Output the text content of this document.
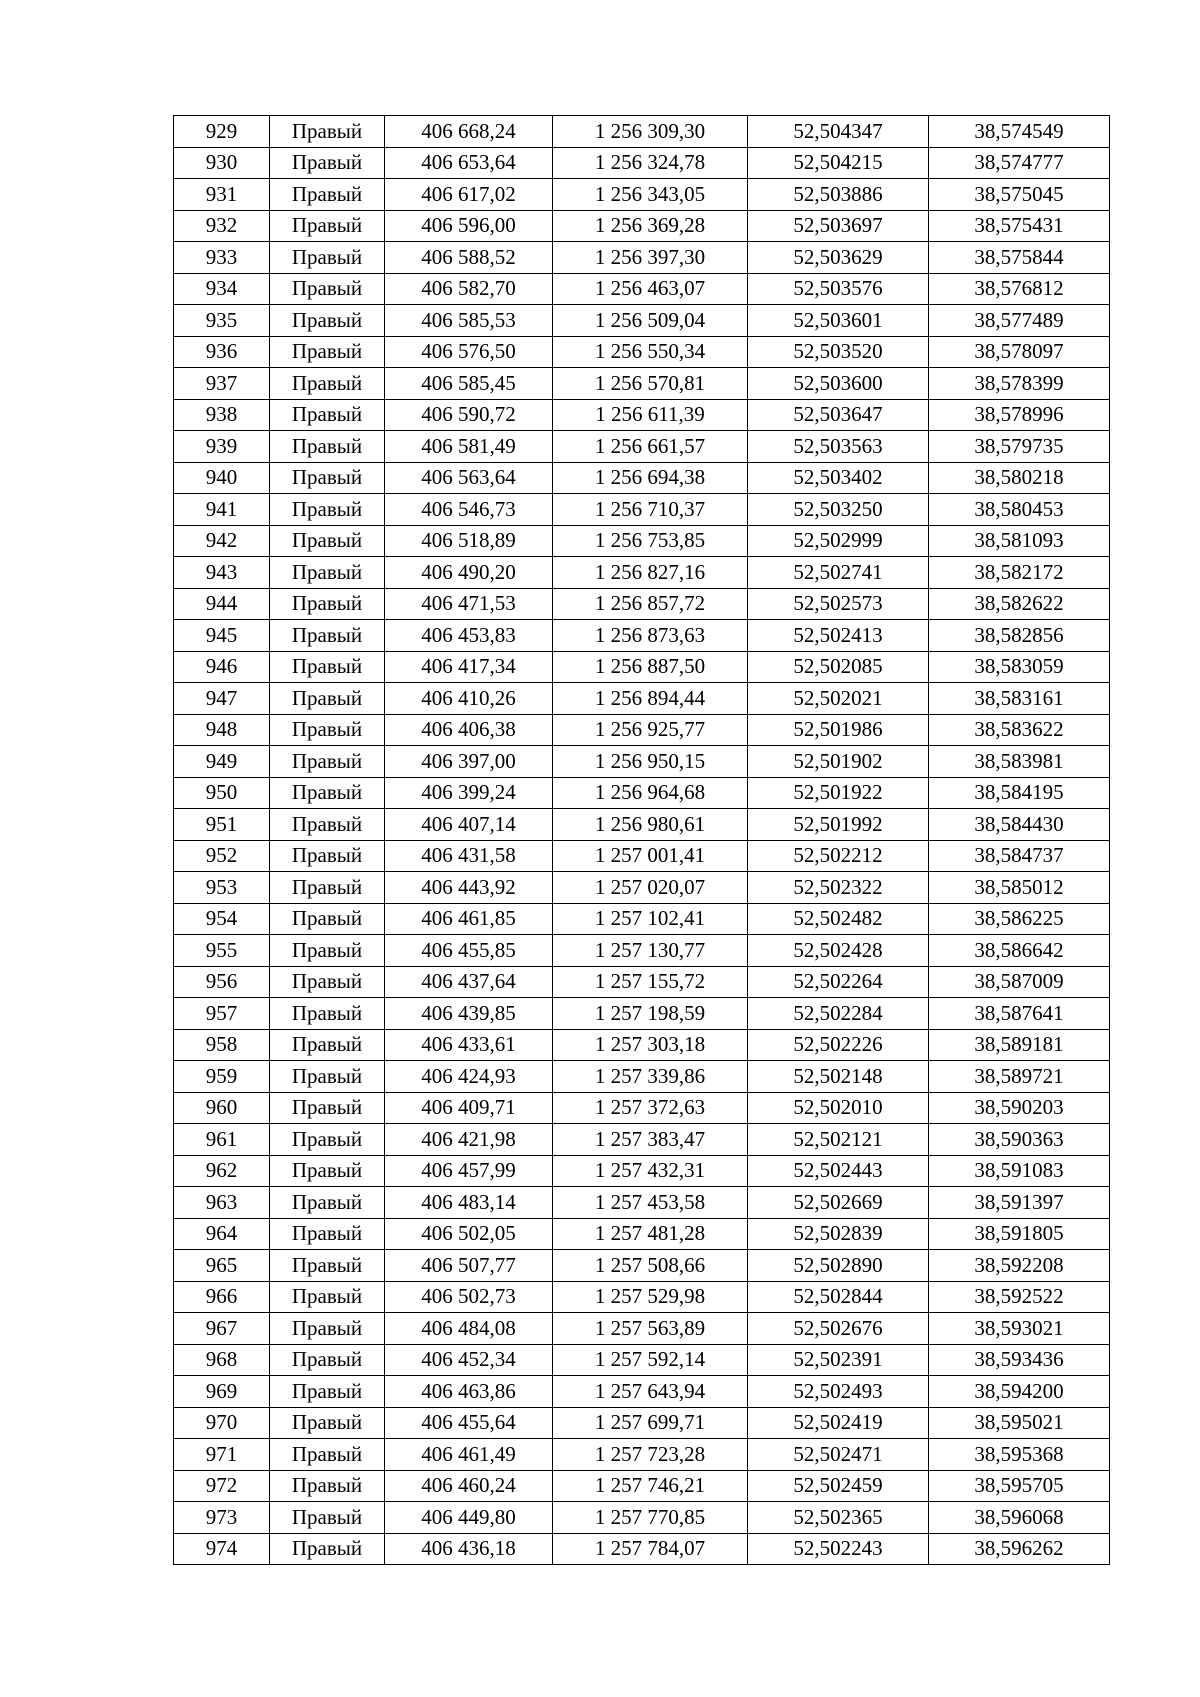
929	Правый	406 668,24	1 256 309,30	52,504347	38,574549
930	Правый	406 653,64	1 256 324,78	52,504215	38,574777
931	Правый	406 617,02	1 256 343,05	52,503886	38,575045
932	Правый	406 596,00	1 256 369,28	52,503697	38,575431
933	Правый	406 588,52	1 256 397,30	52,503629	38,575844
934	Правый	406 582,70	1 256 463,07	52,503576	38,576812
935	Правый	406 585,53	1 256 509,04	52,503601	38,577489
936	Правый	406 576,50	1 256 550,34	52,503520	38,578097
937	Правый	406 585,45	1 256 570,81	52,503600	38,578399
938	Правый	406 590,72	1 256 611,39	52,503647	38,578996
939	Правый	406 581,49	1 256 661,57	52,503563	38,579735
940	Правый	406 563,64	1 256 694,38	52,503402	38,580218
941	Правый	406 546,73	1 256 710,37	52,503250	38,580453
942	Правый	406 518,89	1 256 753,85	52,502999	38,581093
943	Правый	406 490,20	1 256 827,16	52,502741	38,582172
944	Правый	406 471,53	1 256 857,72	52,502573	38,582622
945	Правый	406 453,83	1 256 873,63	52,502413	38,582856
946	Правый	406 417,34	1 256 887,50	52,502085	38,583059
947	Правый	406 410,26	1 256 894,44	52,502021	38,583161
948	Правый	406 406,38	1 256 925,77	52,501986	38,583622
949	Правый	406 397,00	1 256 950,15	52,501902	38,583981
950	Правый	406 399,24	1 256 964,68	52,501922	38,584195
951	Правый	406 407,14	1 256 980,61	52,501992	38,584430
952	Правый	406 431,58	1 257 001,41	52,502212	38,584737
953	Правый	406 443,92	1 257 020,07	52,502322	38,585012
954	Правый	406 461,85	1 257 102,41	52,502482	38,586225
955	Правый	406 455,85	1 257 130,77	52,502428	38,586642
956	Правый	406 437,64	1 257 155,72	52,502264	38,587009
957	Правый	406 439,85	1 257 198,59	52,502284	38,587641
958	Правый	406 433,61	1 257 303,18	52,502226	38,589181
959	Правый	406 424,93	1 257 339,86	52,502148	38,589721
960	Правый	406 409,71	1 257 372,63	52,502010	38,590203
961	Правый	406 421,98	1 257 383,47	52,502121	38,590363
962	Правый	406 457,99	1 257 432,31	52,502443	38,591083
963	Правый	406 483,14	1 257 453,58	52,502669	38,591397
964	Правый	406 502,05	1 257 481,28	52,502839	38,591805
965	Правый	406 507,77	1 257 508,66	52,502890	38,592208
966	Правый	406 502,73	1 257 529,98	52,502844	38,592522
967	Правый	406 484,08	1 257 563,89	52,502676	38,593021
968	Правый	406 452,34	1 257 592,14	52,502391	38,593436
969	Правый	406 463,86	1 257 643,94	52,502493	38,594200
970	Правый	406 455,64	1 257 699,71	52,502419	38,595021
971	Правый	406 461,49	1 257 723,28	52,502471	38,595368
972	Правый	406 460,24	1 257 746,21	52,502459	38,595705
973	Правый	406 449,80	1 257 770,85	52,502365	38,596068
974	Правый	406 436,18	1 257 784,07	52,502243	38,596262
